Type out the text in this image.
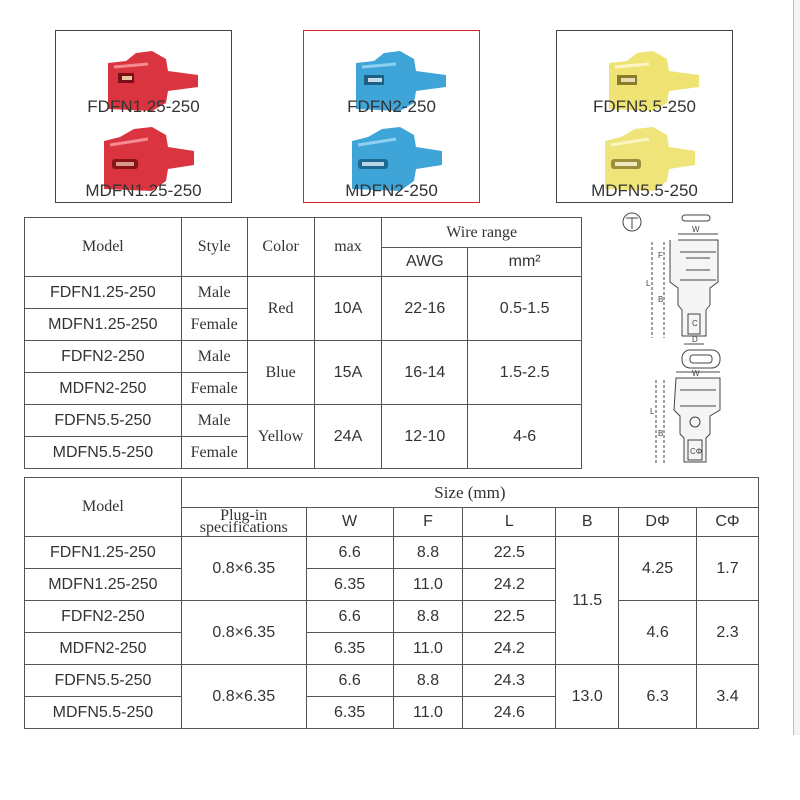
FDFN1.25-250
MDFN1.25-250
FDFN2-250
MDFN2-250
FDFN5.5-250
MDFN5.5-250
Model	Style	Color	max	Wire range	
				AWG	mm²
FDFN1.25-250	Male	Red	10A	22-16	0.5-1.5
MDFN1.25-250	Female				
FDFN2-250	Male	Blue	15A	16-14	1.5-2.5
MDFN2-250	Female				
FDFN5.5-250	Male	Yellow	24A	12-10	4-6
MDFN5.5-250	Female				
W
F
L
B
C
D
W
L
B
CΦ
Model	Size (mm)						

	Plug-in
specifications	W	F	L	B	DΦ	CΦ
FDFN1.25-250	0.8×6.35	6.6	8.8	22.5	11.5	4.25	1.7
MDFN1.25-250		6.35	11.0	24.2			
FDFN2-250	0.8×6.35	6.6	8.8	22.5		4.6	2.3
MDFN2-250		6.35	11.0	24.2			
FDFN5.5-250	0.8×6.35	6.6	8.8	24.3	13.0	6.3	3.4
MDFN5.5-250		6.35	11.0	24.6			
